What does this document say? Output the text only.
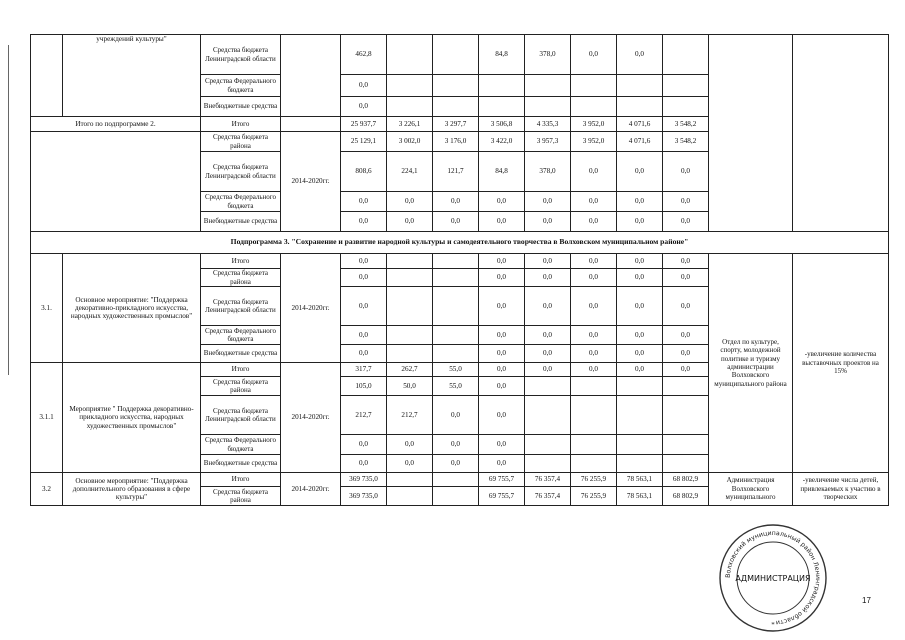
	учреждений культуры"	Средства бюджета Ленинградской области		462,8			84,8	378,0	0,0	0,0			
		Средства Федерального бюджета		0,0									
		Внебюджетные средства		0,0									
Итого по подпрограмме 2.		Итого		25 937,7	3 226,1	3 297,7	3 506,8	4 335,3	3 952,0	4 071,6	3 548,2		
		Средства бюджета района	2014-2020гг.	25 129,1	3 002,0	3 176,0	3 422,0	3 957,3	3 952,0	4 071,6	3 548,2		
		Средства бюджета Ленинградской области		808,6	224,1	121,7	84,8	378,0	0,0	0,0	0,0		
		Средства Федерального бюджета		0,0	0,0	0,0	0,0	0,0	0,0	0,0	0,0		
		Внебюджетные средства		0,0	0,0	0,0	0,0	0,0	0,0	0,0	0,0		
Подпрограмма 3. "Сохранение и развитие народной культуры и самодеятельного творчества в Волховском муниципальном районе"													
3.1.	Основное мероприятие: "Поддержка декоративно-прикладного искусства, народных художественных промыслов"	Итого	2014-2020гг.	0,0			0,0	0,0	0,0	0,0	0,0	Отдел по культуре, спорту, молодежной политике и туризму администрации Волховского муниципального района	-увеличение количества выставочных проектов на 15%
		Средства бюджета района		0,0			0,0	0,0	0,0	0,0	0,0		
		Средства бюджета Ленинградской области		0,0			0,0	0,0	0,0	0,0	0,0		
		Средства Федерального бюджета		0,0			0,0	0,0	0,0	0,0	0,0		
		Внебюджетные средства		0,0			0,0	0,0	0,0	0,0	0,0		
3.1.1	Мероприятие " Поддержка декоративно-прикладного искусства, народных художественных промыслов"	Итого	2014-2020гг.	317,7	262,7	55,0	0,0	0,0	0,0	0,0	0,0		
		Средства бюджета района		105,0	50,0	55,0	0,0						
		Средства бюджета Ленинградской области		212,7	212,7	0,0	0,0						
		Средства Федерального бюджета		0,0	0,0	0,0	0,0						
		Внебюджетные средства		0,0	0,0	0,0	0,0						
3.2	Основное мероприятие: "Поддержка дополнительного образования в сфере культуры"	Итого	2014-2020гг.	369 735,0			69 755,7	76 357,4	76 255,9	78 563,1	68 802,9	Администрация Волховского муниципального	-увеличение числа детей, привлекаемых к участию в творческих
		Средства бюджета района		369 735,0			69 755,7	76 357,4	76 255,9	78 563,1	68 802,9		
Волховский муниципальный район Ленинградской области
АДМИНИСТРАЦИЯ
*
17
